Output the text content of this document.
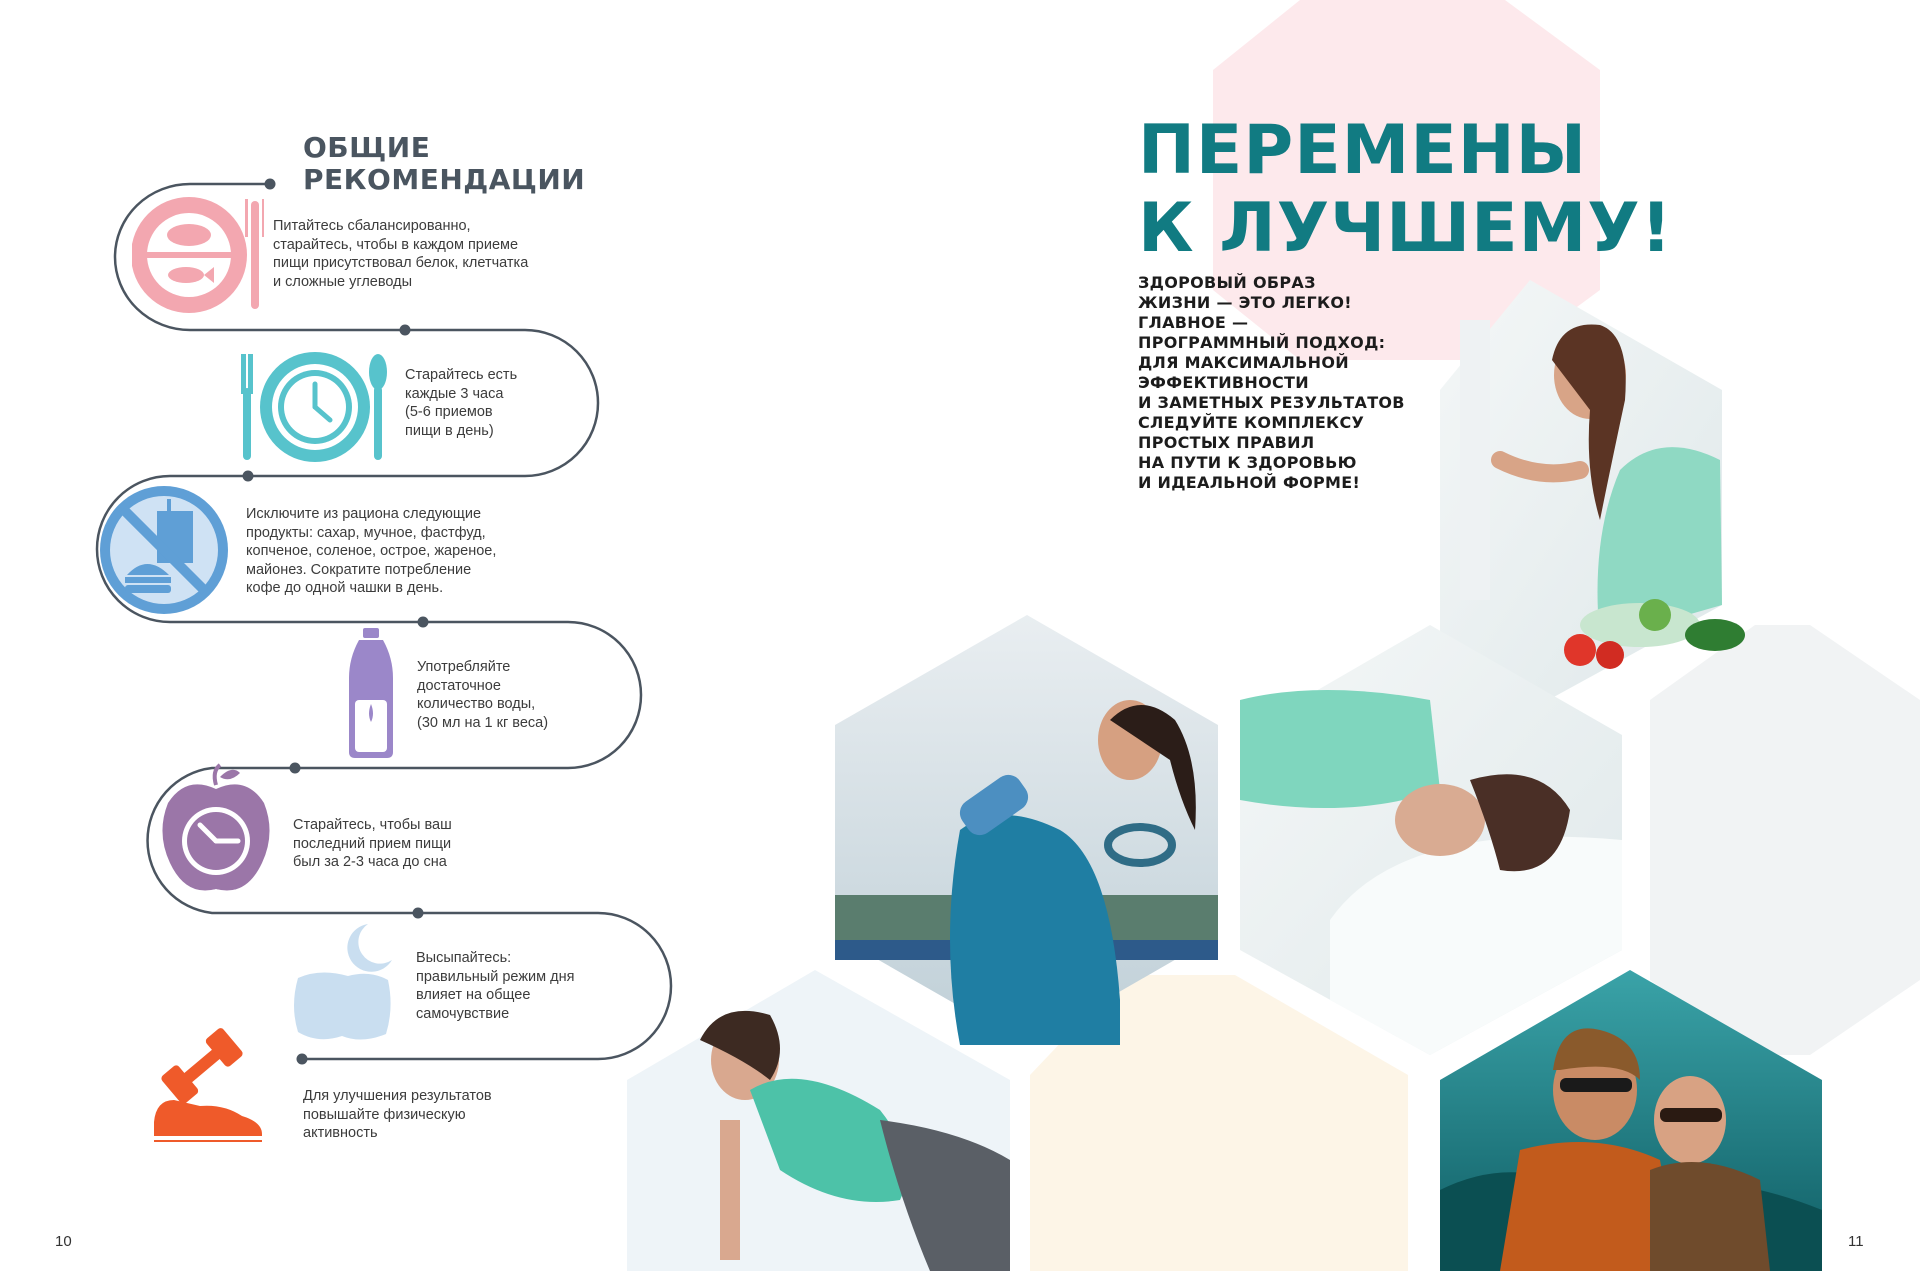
ОБЩИЕ
РЕКОМЕНДАЦИИ
Питайтесь сбалансированно,
старайтесь, чтобы в каждом приеме
пищи присутствовал белок, клетчатка
и сложные углеводы
Старайтесь есть
каждые 3 часа
(5-6 приемов
пищи в день)
Исключите из рациона следующие
продукты: сахар, мучное, фастфуд,
копченое, соленое, острое, жареное,
майонез. Сократите потребление
кофе до одной чашки в день.
Употребляйте
достаточное
количество воды,
(30 мл на 1 кг веса)
Старайтесь, чтобы ваш
последний прием пищи
был за 2-3 часа до сна
Высыпайтесь:
правильный режим дня
влияет на общее
самочувствие
Для улучшения результатов
повышайте физическую
активность
10
ПЕРЕМЕНЫ
К ЛУЧШЕМУ!
ЗДОРОВЫЙ ОБРАЗ
ЖИЗНИ — ЭТО ЛЕГКО!
ГЛАВНОЕ —
ПРОГРАММНЫЙ ПОДХОД:
ДЛЯ МАКСИМАЛЬНОЙ
ЭФФЕКТИВНОСТИ
И ЗАМЕТНЫХ РЕЗУЛЬТАТОВ
СЛЕДУЙТЕ КОМПЛЕКСУ
ПРОСТЫХ ПРАВИЛ
НА ПУТИ К ЗДОРОВЬЮ
И ИДЕАЛЬНОЙ ФОРМЕ!
11
